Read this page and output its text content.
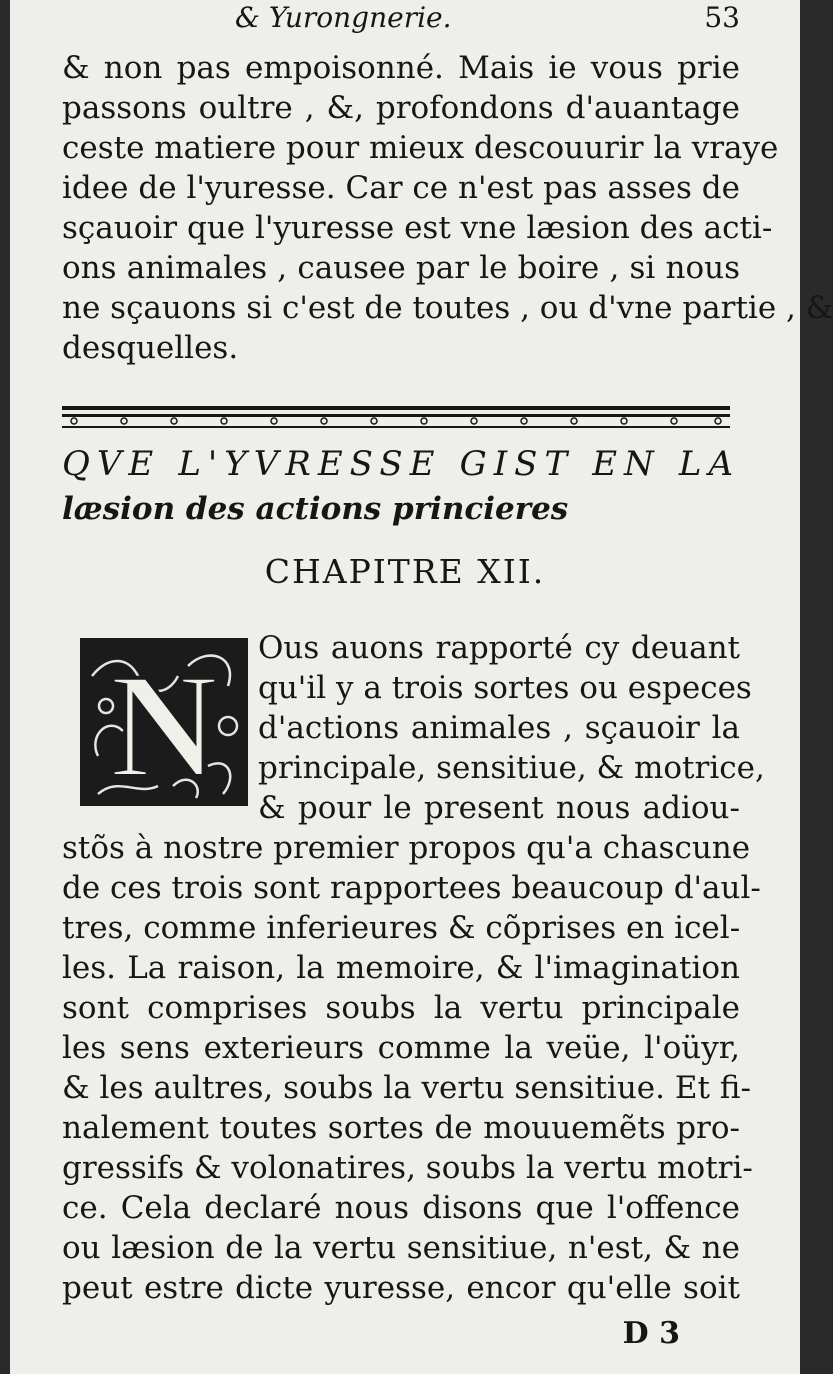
& Yurongnerie.	53
& non pas empoisonné. Mais ie vous prie
passons oultre , &, profondons d'auantage
ceste matiere pour mieux descouurir la vraye
idee de l'yuresse. Car ce n'est pas asses de
sçauoir que l'yuresse est vne læsion des acti-
ons animales , causee par le boire , si nous
ne sçauons si c'est de toutes , ou d'vne partie , &
desquelles.
QVE L'YVRESSE GIST EN LA
læsion des actions princieres
CHAPITRE XII.
N Ous auons rapporté cy deuant
qu'il y a trois sortes ou especes
d'actions animales , sçauoir la
principale, sensitiue, & motrice,
& pour le present nous adiou-
stõs à nostre premier propos qu'a chascune
de ces trois sont rapportees beaucoup d'aul-
tres, comme inferieures & cõprises en icel-
les. La raison, la memoire, & l'imagination
sont comprises soubs la vertu principale
les sens exterieurs comme la veüe, l'oüyr,
& les aultres, soubs la vertu sensitiue. Et fi-
nalement toutes sortes de mouuemẽts pro-
gressifs & volonatires, soubs la vertu motri-
ce. Cela declaré nous disons que l'offence
ou læsion de la vertu sensitiue, n'est, & ne
peut estre dicte yuresse, encor qu'elle soit
D 3
